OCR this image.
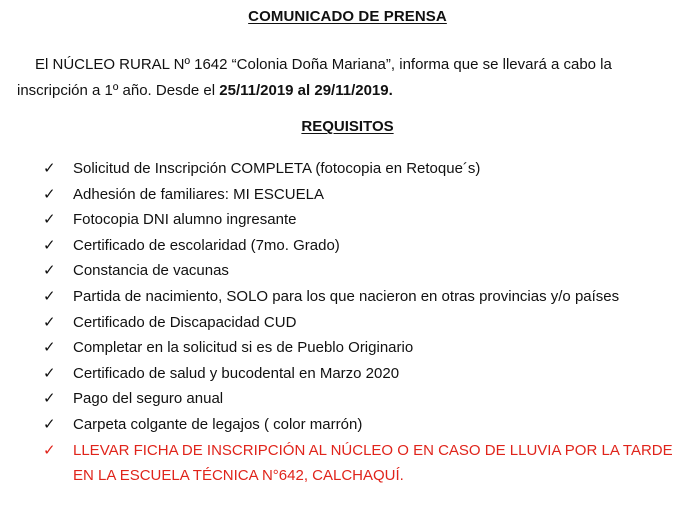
COMUNICADO DE PRENSA
El NÚCLEO RURAL Nº 1642 “Colonia Doña Mariana”, informa que se llevará a cabo la inscripción a 1º año. Desde el 25/11/2019 al 29/11/2019.
REQUISITOS
✓ Solicitud de Inscripción COMPLETA (fotocopia en Retoque´s)
✓ Adhesión de familiares: MI ESCUELA
✓ Fotocopia DNI alumno ingresante
✓ Certificado de escolaridad (7mo. Grado)
✓ Constancia de vacunas
✓ Partida de nacimiento, SOLO para los que nacieron en otras provincias y/o países
✓ Certificado de Discapacidad CUD
✓ Completar en la solicitud si es de Pueblo Originario
✓ Certificado de salud y bucodental en Marzo 2020
✓ Pago del seguro anual
✓ Carpeta colgante de legajos ( color marrón)
✓ LLEVAR FICHA DE INSCRIPCIÓN AL NÚCLEO O EN CASO DE LLUVIA POR LA TARDE EN LA ESCUELA TÉCNICA N°642, CALCHAQUÍ.
